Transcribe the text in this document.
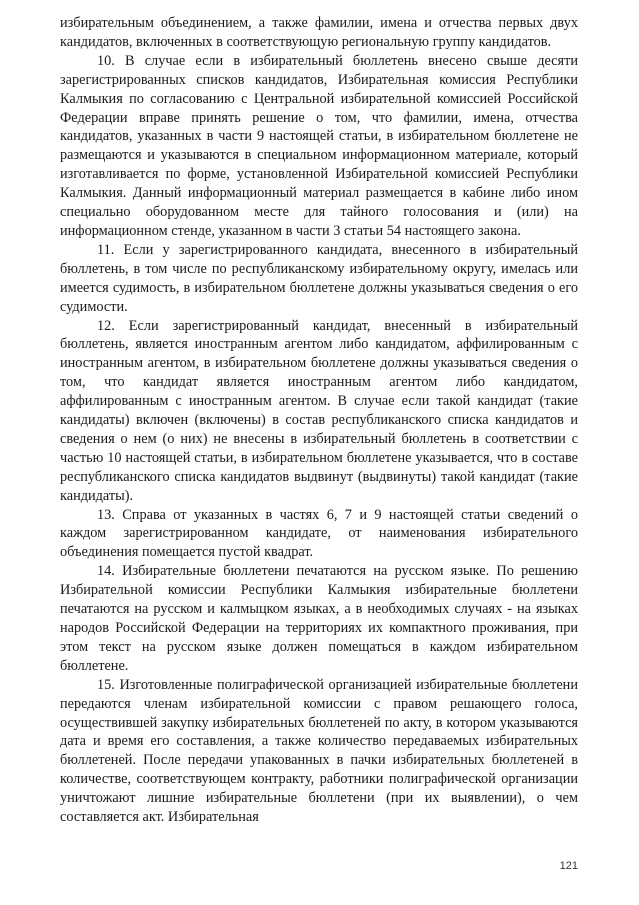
избирательным объединением, а также фамилии, имена и отчества первых двух кандидатов, включенных в соответствующую региональную группу кандидатов.

10. В случае если в избирательный бюллетень внесено свыше десяти зарегистрированных списков кандидатов, Избирательная комиссия Республики Калмыкия по согласованию с Центральной избирательной комиссией Российской Федерации вправе принять решение о том, что фамилии, имена, отчества кандидатов, указанных в части 9 настоящей статьи, в избирательном бюллетене не размещаются и указываются в специальном информационном материале, который изготавливается по форме, установленной Избирательной комиссией Республики Калмыкия. Данный информационный материал размещается в кабине либо ином специально оборудованном месте для тайного голосования и (или) на информационном стенде, указанном в части 3 статьи 54 настоящего закона.

11. Если у зарегистрированного кандидата, внесенного в избирательный бюллетень, в том числе по республиканскому избирательному округу, имелась или имеется судимость, в избирательном бюллетене должны указываться сведения о его судимости.

12. Если зарегистрированный кандидат, внесенный в избирательный бюллетень, является иностранным агентом либо кандидатом, аффилированным с иностранным агентом, в избирательном бюллетене должны указываться сведения о том, что кандидат является иностранным агентом либо кандидатом, аффилированным с иностранным агентом. В случае если такой кандидат (такие кандидаты) включен (включены) в состав республиканского списка кандидатов и сведения о нем (о них) не внесены в избирательный бюллетень в соответствии с частью 10 настоящей статьи, в избирательном бюллетене указывается, что в составе республиканского списка кандидатов выдвинут (выдвинуты) такой кандидат (такие кандидаты).

13. Справа от указанных в частях 6, 7 и 9 настоящей статьи сведений о каждом зарегистрированном кандидате, от наименования избирательного объединения помещается пустой квадрат.

14. Избирательные бюллетени печатаются на русском языке. По решению Избирательной комиссии Республики Калмыкия избирательные бюллетени печатаются на русском и калмыцком языках, а в необходимых случаях - на языках народов Российской Федерации на территориях их компактного проживания, при этом текст на русском языке должен помещаться в каждом избирательном бюллетене.

15. Изготовленные полиграфической организацией избирательные бюллетени передаются членам избирательной комиссии с правом решающего голоса, осуществившей закупку избирательных бюллетеней по акту, в котором указываются дата и время его составления, а также количество передаваемых избирательных бюллетеней. После передачи упакованных в пачки избирательных бюллетеней в количестве, соответствующем контракту, работники полиграфической организации уничтожают лишние избирательные бюллетени (при их выявлении), о чем составляется акт. Избирательная

121
